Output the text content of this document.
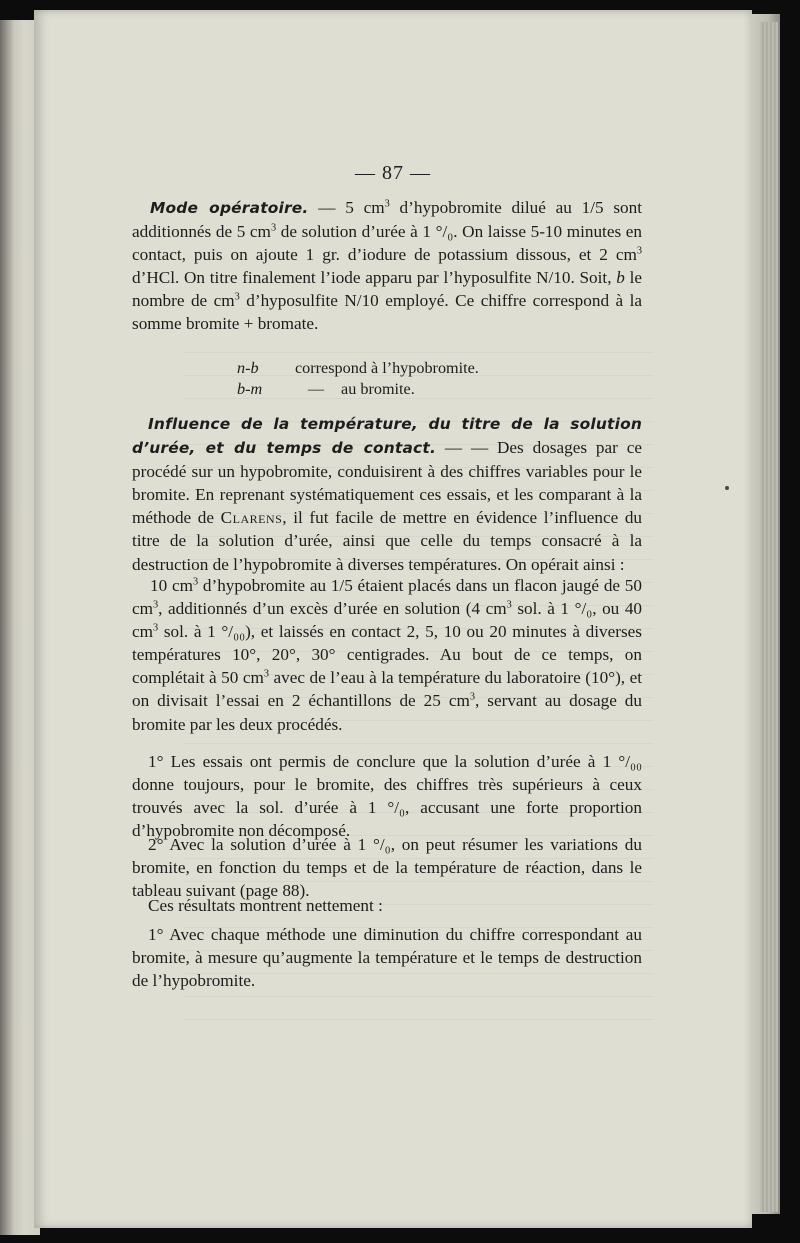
— 87 —
Mode opératoire. — 5 $cm^3$ d’hypobromite dilué au 1/5 sont additionnés de 5 $cm^3$ de solution d’urée à 1 °/₀. On laisse 5-10 minutes en contact, puis on ajoute 1 gr. d’iodure de potassium dissous, et 2 $cm^3$ d’HCl. On titre finalement l’iode apparu par l’hyposulfite N/10. Soit, b le nombre de $cm^3$ d’hyposulfite N/10 employé. Ce chiffre correspond à la somme bromite + bromate.
n-b correspond à l’hypobromite.
b-m	— au bromite.
Influence de la température, du titre de la solution d’urée, et du temps de contact. — — Des dosages par ce procédé sur un hypobromite, conduisirent à des chiffres variables pour le bromite. En reprenant systématiquement ces essais, et les comparant à la méthode de Clarens, il fut facile de mettre en évidence l’influence du titre de la solution d’urée, ainsi que celle du temps consacré à la destruction de l’hypobromite à diverses températures. On opérait ainsi :
10 $cm^3$ d’hypobromite au 1/5 étaient placés dans un flacon jaugé de 50 $cm^3$, additionnés d’un excès d’urée en solution (4 $cm^3$ sol. à 1 °/₀, ou 40 $cm^3$ sol. à 1 °/₀₀), et laissés en contact 2, 5, 10 ou 20 minutes à diverses températures 10°, 20°, 30° centigrades. Au bout de ce temps, on complétait à 50 $cm^3$ avec de l’eau à la température du laboratoire (10°), et on divisait l’essai en 2 échantillons de 25 $cm^3$, servant au dosage du bromite par les deux procédés.
1° Les essais ont permis de conclure que la solution d’urée à 1 °/₀₀ donne toujours, pour le bromite, des chiffres très supérieurs à ceux trouvés avec la sol. d’urée à 1 °/₀, accusant une forte proportion d’hypobromite non décomposé.
2° Avec la solution d’urée à 1 °/₀, on peut résumer les variations du bromite, en fonction du temps et de la température de réaction, dans le tableau suivant (page 88).
Ces résultats montrent nettement :
1° Avec chaque méthode une diminution du chiffre correspondant au bromite, à mesure qu’augmente la température et le temps de destruction de l’hypobromite.
